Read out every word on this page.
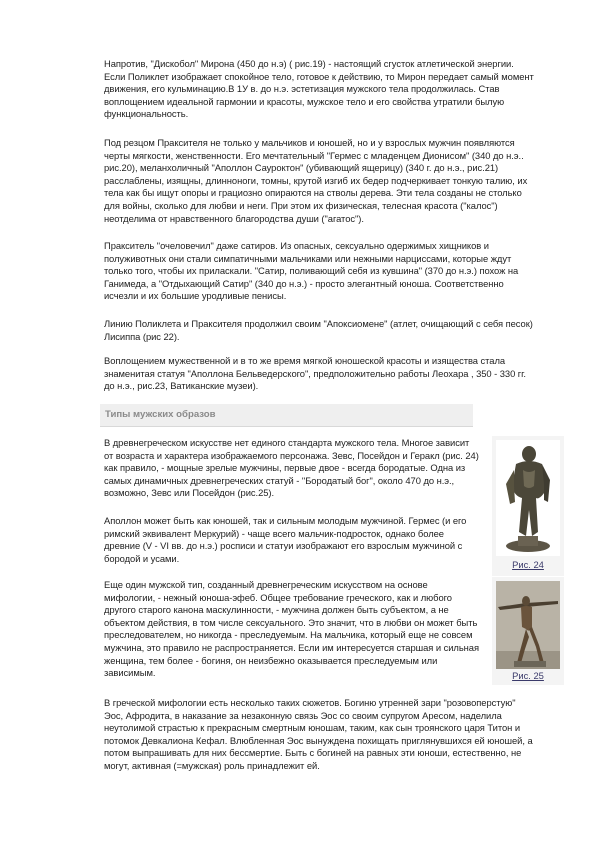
Напротив, "Дискобол" Мирона (450 до н.э) ( рис.19) - настоящий сгусток атлетической энергии. Если Поликлет изображает спокойное тело, готовое к действию, то Мирон передает самый момент движения, его кульминацию.В 1У в. до н.э. эстетизация мужского тела продолжилась. Став воплощением идеальной гармонии и красоты, мужское тело и его свойства утратили былую функциональность.

Под резцом Праксителя не только у мальчиков и юношей, но и у взрослых мужчин появляются черты мягкости, женственности. Его мечтательный "Гермес с младенцем Дионисом" (340 до н.э.. рис.20), меланхоличный "Аполлон Сауроктон" (убивающий ящерицу) (340 г. до н.э., рис.21) расслаблены, изящны, длинноноги, томны, крутой изгиб их бедер подчеркивает тонкую талию, их тела как бы ищут опоры и грациозно опираются на стволы дерева. Эти тела созданы не столько для войны, сколько для любви и неги. При этом их физическая, телесная красота ("калос") неотделима от нравственного благородства души ("агатос").

Пракситель "очеловечил" даже сатиров. Из опасных, сексуально одержимых хищников и полуживотных они стали симпатичными мальчиками или нежными нарциссами, которые ждут только того, чтобы их приласкали. "Сатир, поливающий себя из кувшина" (370 до н.э.) похож на Ганимеда, а "Отдыхающий Сатир" (340 до н.э.) - просто элегантный юноша. Соответственно исчезли и их большие уродливые пенисы.

Линию Поликлета и Праксителя продолжил своим "Апоксиомене" (атлет, очищающий с себя песок) Лисиппа (рис 22).

Воплощением мужественной и в то же время мягкой юношеской красоты и изящества стала знаменитая статуя "Аполлона Бельведерского", предположительно работы Леохара , 350 - 330 гг. до н.э., рис.23, Ватиканские музеи).

Типы мужских образов

В древнегреческом искусстве нет единого стандарта мужского тела. Многое зависит от возраста и характера изображаемого персонажа. Зевс, Посейдон и Геракл (рис. 24) как правило, - мощные зрелые мужчины, первые двое - всегда бородатые. Одна из самых динамичных древнегреческих статуй - "Бородатый бог", около 470 до н.э., возможно, Зевс или Посейдон (рис.25).

Аполлон может быть как юношей, так и сильным молодым мужчиной. Гермес (и его римский эквивалент Меркурий) - чаще всего мальчик-подросток, однако более древние (V - VI вв. до н.э.) росписи и статуи изображают его взрослым мужчиной с бородой и усами.

Еще один мужской тип, созданный древнегреческим искусством на основе мифологии, - нежный юноша-эфеб. Общее требование греческого, как и любого другого старого канона маскулинности, - мужчина должен быть субъектом, а не объектом действия, в том числе сексуального. Это значит, что в любви он может быть преследователем, но никогда - преследуемым. На мальчика, который еще не совсем мужчина, это правило не распространяется. Если им интересуется старшая и сильная женщина, тем более - богиня, он неизбежно оказывается преследуемым или зависимым.

В греческой мифологии есть несколько таких сюжетов. Богиню утренней зари "розовоперстую" Эос, Афродита, в наказание за незаконную связь Эос со своим супругом Аресом, наделила неутолимой страстью к прекрасным смертным юношам, таким, как сын троянского царя Титон и потомок Девкалиона Кефал. Влюбленная Эос вынуждена похищать приглянувшихся ей юношей, а потом выпрашивать для них бессмертие. Быть с богиней на равных эти юноши, естественно, не могут, активная (=мужская) роль принадлежит ей.

Рис. 24
Рис. 25
